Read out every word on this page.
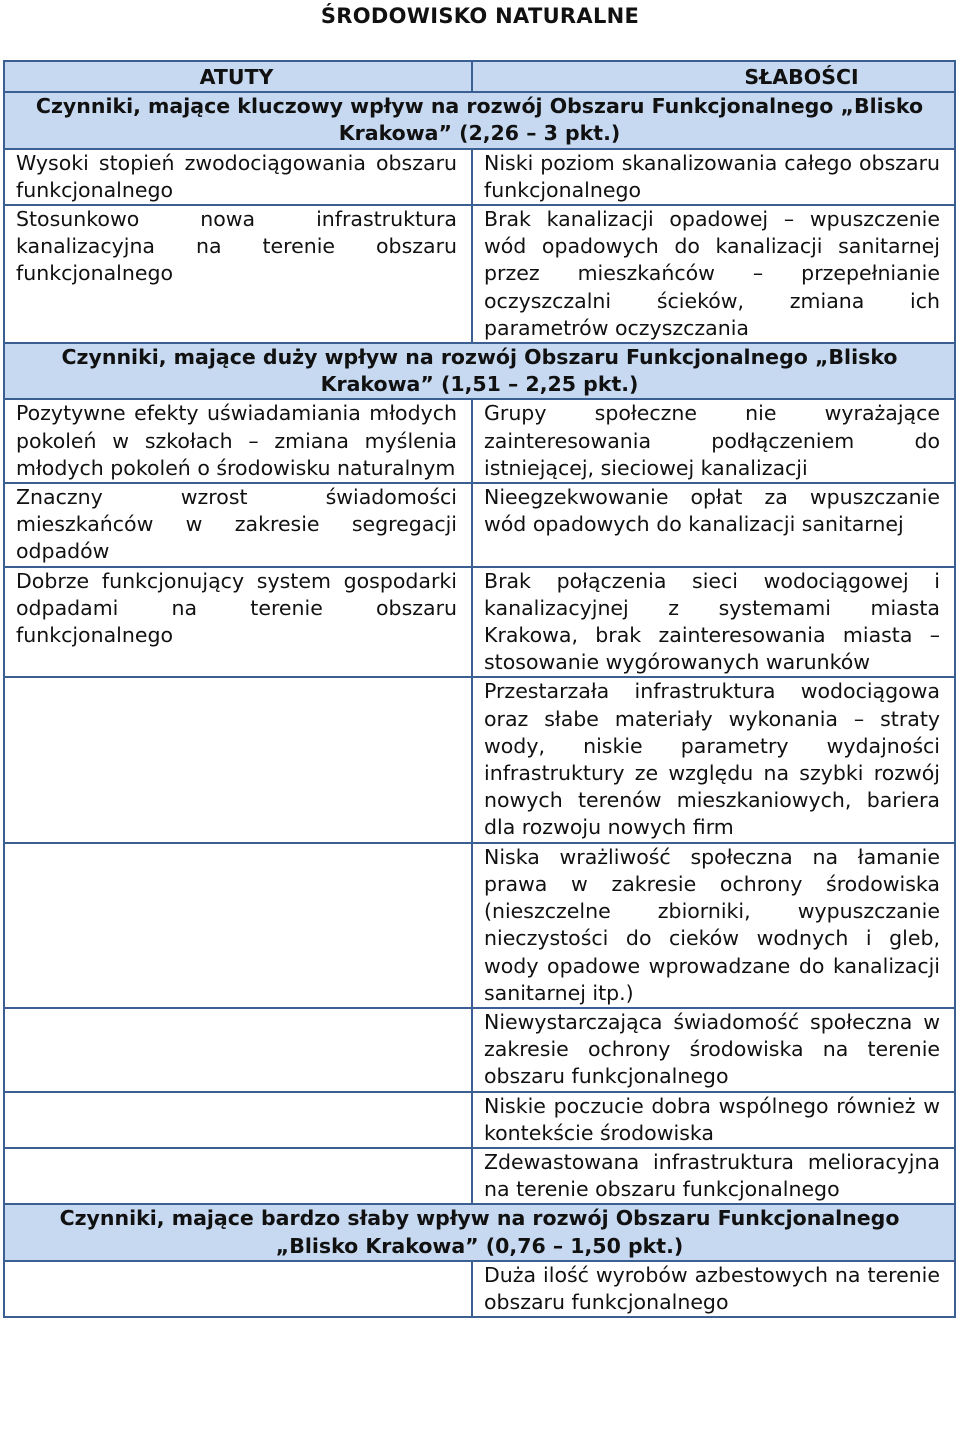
ŚRODOWISKO NATURALNE
ATUTY	SŁABOŚCI
Czynniki, mające kluczowy wpływ na rozwój Obszaru Funkcjonalnego „Blisko Krakowa” (2,26 – 3 pkt.)	
Wysoki stopień zwodociągowania obszaru funkcjonalnego	Niski poziom skanalizowania całego obszaru funkcjonalnego
Stosunkowo nowa infrastruktura kanalizacyjna na terenie obszaru funkcjonalnego	Brak kanalizacji opadowej – wpuszczenie wód opadowych do kanalizacji sanitarnej przez mieszkańców – przepełnianie oczyszczalni ścieków, zmiana ich parametrów oczyszczania
Czynniki, mające duży wpływ na rozwój Obszaru Funkcjonalnego „Blisko Krakowa” (1,51 – 2,25 pkt.)	
Pozytywne efekty uświadamiania młodych pokoleń w szkołach – zmiana myślenia młodych pokoleń o środowisku naturalnym	Grupy społeczne nie wyrażające zainteresowania podłączeniem do istniejącej, sieciowej kanalizacji
Znaczny wzrost świadomości mieszkańców w zakresie segregacji odpadów	Nieegzekwowanie opłat za wpuszczanie wód opadowych do kanalizacji sanitarnej
Dobrze funkcjonujący system gospodarki odpadami na terenie obszaru funkcjonalnego	Brak połączenia sieci wodociągowej i kanalizacyjnej z systemami miasta Krakowa, brak zainteresowania miasta – stosowanie wygórowanych warunków
	Przestarzała infrastruktura wodociągowa oraz słabe materiały wykonania – straty wody, niskie parametry wydajności infrastruktury ze względu na szybki rozwój nowych terenów mieszkaniowych, bariera dla rozwoju nowych firm
	Niska wrażliwość społeczna na łamanie prawa w zakresie ochrony środowiska (nieszczelne zbiorniki, wypuszczanie nieczystości do cieków wodnych i gleb, wody opadowe wprowadzane do kanalizacji sanitarnej itp.)
	Niewystarczająca świadomość społeczna w zakresie ochrony środowiska na terenie obszaru funkcjonalnego
	Niskie poczucie dobra wspólnego również w kontekście środowiska
	Zdewastowana infrastruktura melioracyjna na terenie obszaru funkcjonalnego
Czynniki, mające bardzo słaby wpływ na rozwój Obszaru Funkcjonalnego „Blisko Krakowa” (0,76 – 1,50 pkt.)	
	Duża ilość wyrobów azbestowych na terenie obszaru funkcjonalnego
